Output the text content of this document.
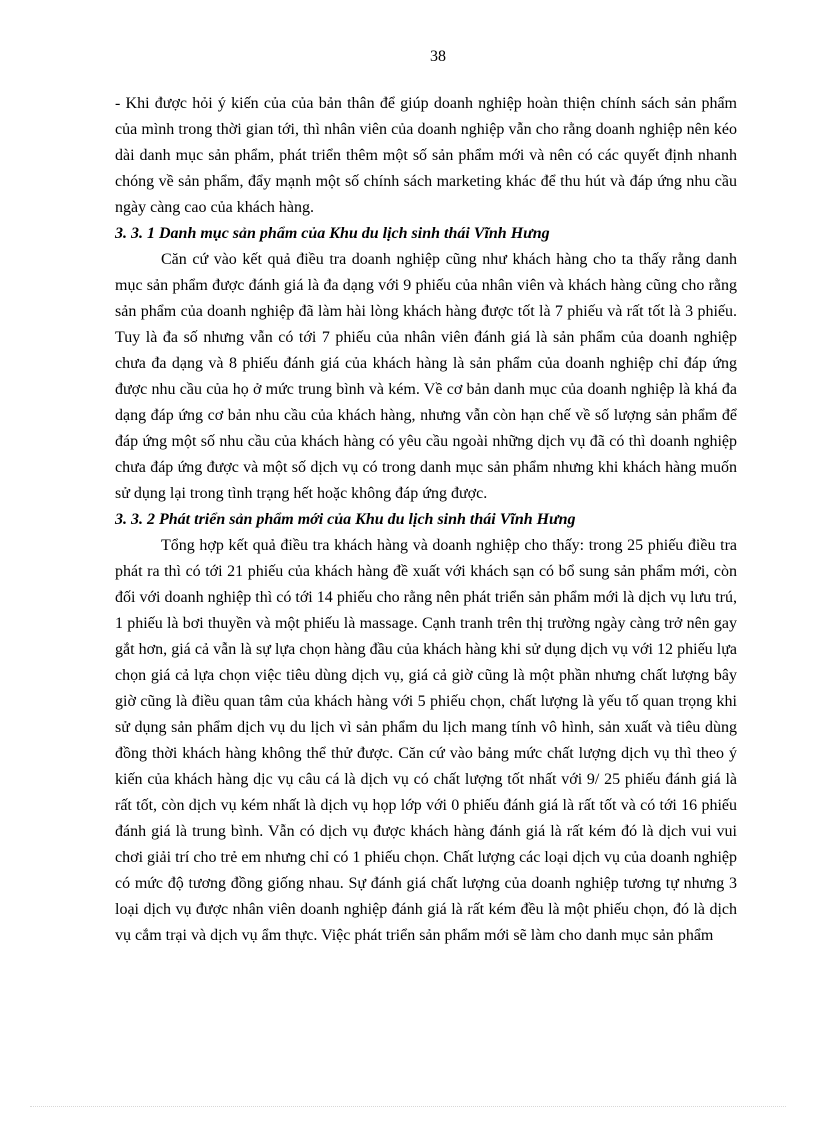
38

- Khi được hỏi ý kiến của của bản thân để giúp doanh nghiệp hoàn thiện chính sách sản phẩm của mình trong thời gian tới, thì nhân viên của doanh nghiệp vẫn cho rằng doanh nghiệp nên kéo dài danh mục sản phẩm, phát triển thêm một số sản phẩm mới và nên có các quyết định nhanh chóng về sản phẩm, đẩy mạnh một số chính sách marketing khác để thu hút và đáp ứng nhu cầu ngày càng cao của khách hàng.

3. 3. 1 Danh mục sản phẩm của Khu du lịch sinh thái Vĩnh Hưng

Căn cứ vào kết quả điều tra doanh nghiệp cũng như khách hàng cho ta thấy rằng danh mục sản phẩm được đánh giá là đa dạng với 9 phiếu của nhân viên và khách hàng cũng cho rằng sản phẩm của doanh nghiệp đã làm hài lòng khách hàng được tốt là 7 phiếu và rất tốt là 3 phiếu. Tuy là đa số nhưng vẫn có tới 7 phiếu của nhân viên đánh giá là sản phẩm của doanh nghiệp chưa đa dạng và 8 phiếu đánh giá của khách hàng là sản phẩm của doanh nghiệp chỉ đáp ứng được nhu cầu của họ ở mức trung bình và kém. Về cơ bản danh mục của doanh nghiệp là khá đa dạng đáp ứng cơ bản nhu cầu của khách hàng, nhưng vẫn còn hạn chế về số lượng sản phẩm để đáp ứng một số nhu cầu của khách hàng có yêu cầu ngoài những dịch vụ đã có thì doanh nghiệp chưa đáp ứng được và một số dịch vụ có trong danh mục sản phẩm nhưng khi khách hàng muốn sử dụng lại trong tình trạng hết hoặc không đáp ứng được.

3. 3. 2 Phát triển sản phẩm mới của Khu du lịch sinh thái Vĩnh Hưng

Tổng hợp kết quả điều tra khách hàng và doanh nghiệp cho thấy: trong 25 phiếu điều tra phát ra thì có tới 21 phiếu của khách hàng đề xuất với khách sạn có bổ sung sản phẩm mới, còn đối với doanh nghiệp thì có tới 14 phiếu cho rằng nên phát triển sản phẩm mới là dịch vụ lưu trú, 1 phiếu là bơi thuyền và một phiếu là massage. Cạnh tranh trên thị trường ngày càng trở nên gay gắt hơn, giá cả vẫn là sự lựa chọn hàng đầu của khách hàng khi sử dụng dịch vụ với 12 phiếu lựa chọn giá cả lựa chọn việc tiêu dùng dịch vụ, giá cả giờ cũng là một phần nhưng chất lượng bây giờ cũng là điều quan tâm của khách hàng với 5 phiếu chọn, chất lượng là yếu tố quan trọng khi sử dụng sản phẩm dịch vụ du lịch vì sản phẩm du lịch mang tính vô hình, sản xuất và tiêu dùng đồng thời khách hàng không thể thử được. Căn cứ vào bảng mức chất lượng dịch vụ thì theo ý kiến của khách hàng dịc vụ câu cá là dịch vụ có chất lượng tốt nhất với 9/ 25 phiếu đánh giá là rất tốt, còn dịch vụ kém nhất là dịch vụ họp lớp với 0 phiếu đánh giá là rất tốt và có tới 16 phiếu đánh giá là trung bình. Vẫn có dịch vụ được khách hàng đánh giá là rất kém đó là dịch vui vui chơi giải trí cho trẻ em nhưng chỉ có 1 phiếu chọn. Chất lượng các loại dịch vụ của doanh nghiệp có mức độ tương đồng giống nhau. Sự đánh giá chất lượng của doanh nghiệp tương tự nhưng 3 loại dịch vụ được nhân viên doanh nghiệp đánh giá là rất kém đều là một phiếu chọn, đó là dịch vụ cắm trại và dịch vụ ẩm thực. Việc phát triển sản phẩm mới sẽ làm cho danh mục sản phẩm
